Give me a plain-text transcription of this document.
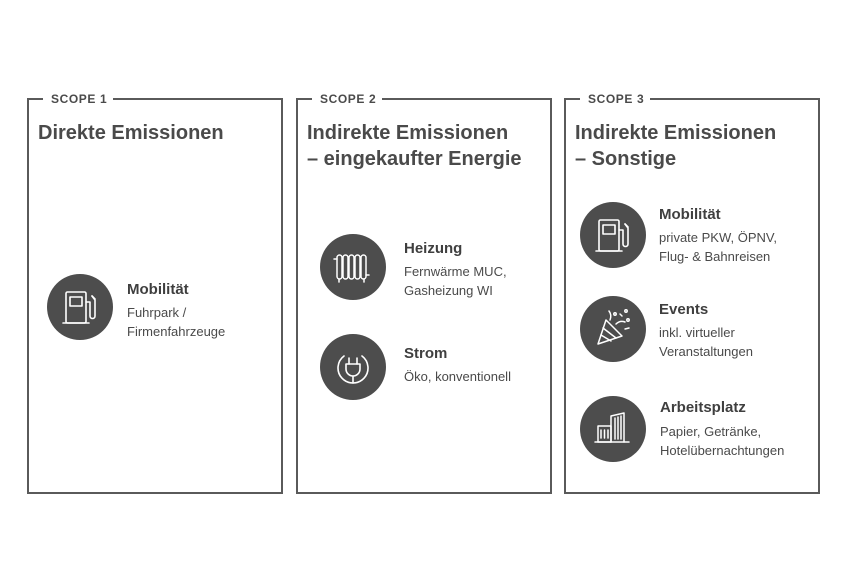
SCOPE 1
Direkte Emissionen
Mobilität
Fuhrpark /
Firmenfahrzeuge
SCOPE 2
Indirekte Emissionen
– eingekaufter Energie
Heizung
Fernwärme MUC,
Gasheizung WI
Strom
Öko, konventionell
SCOPE 3
Indirekte Emissionen
– Sonstige
Mobilität
private PKW, ÖPNV,
Flug- & Bahnreisen
Events
inkl. virtueller
Veranstaltungen
Arbeitsplatz
Papier, Getränke,
Hotelübernachtungen
